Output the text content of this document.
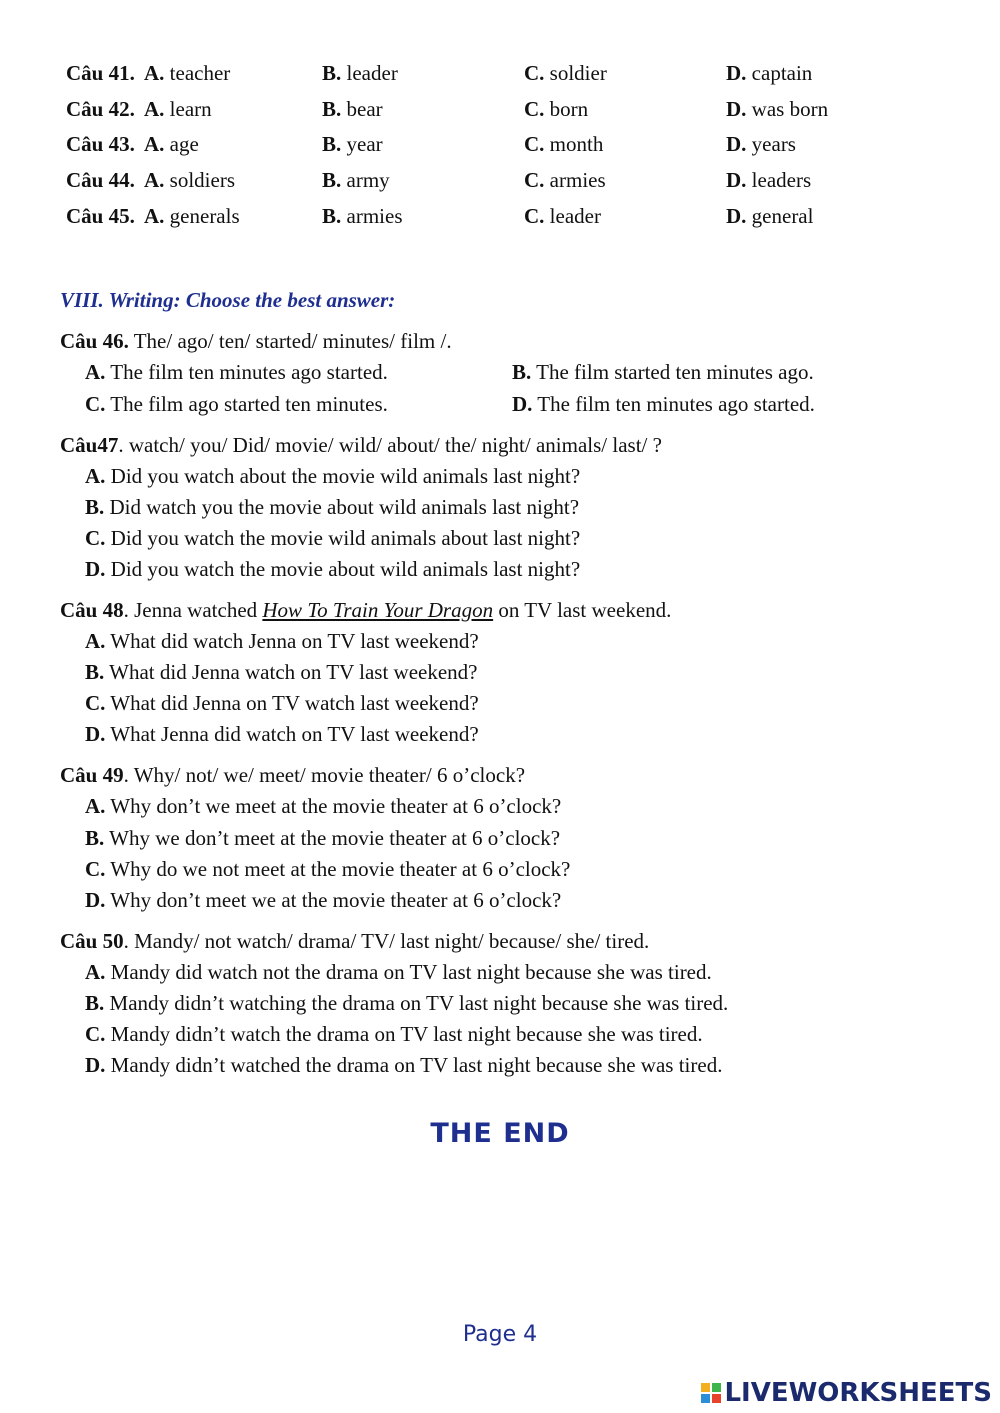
Câu 41. A. teacher	B. leader	C. soldier	D. captain
Câu 42. A. learn	B. bear	C. born	D. was born
Câu 43. A. age	B. year	C. month	D. years
Câu 44. A. soldiers	B. army	C. armies	D. leaders
Câu 45. A. generals	B. armies	C. leader	D. general
VIII. Writing: Choose the best answer:
Câu 46. The/ ago/ ten/ started/ minutes/ film /.
A. The film ten minutes ago started.	B. The film started ten minutes ago.
C. The film ago started ten minutes.	D. The film ten minutes ago started.
Câu47. watch/ you/ Did/ movie/ wild/ about/ the/ night/ animals/ last/ ?
A. Did you watch about the movie wild animals last night?
B. Did watch you the movie about wild animals last night?
C. Did you watch the movie wild animals about last night?
D. Did you watch the movie about wild animals last night?
Câu 48. Jenna watched How To Train Your Dragon on TV last weekend.
A. What did watch Jenna on TV last weekend?
B. What did Jenna watch on TV last weekend?
C. What did Jenna on TV watch last weekend?
D. What Jenna did watch on TV last weekend?
Câu 49. Why/ not/ we/ meet/ movie theater/ 6 o’clock?
A. Why don’t we meet at the movie theater at 6 o’clock?
B. Why we don’t meet at the movie theater at 6 o’clock?
C. Why do we not meet at the movie theater at 6 o’clock?
D. Why don’t meet we at the movie theater at 6 o’clock?
Câu 50. Mandy/ not watch/ drama/ TV/ last night/ because/ she/ tired.
A. Mandy did watch not the drama on TV last night because she was tired.
B. Mandy didn’t watching the drama on TV last night because she was tired.
C. Mandy didn’t watch the drama on TV last night because she was tired.
D. Mandy didn’t watched the drama on TV last night because she was tired.
THE END
Page 4
LIVEWORKSHEETS
